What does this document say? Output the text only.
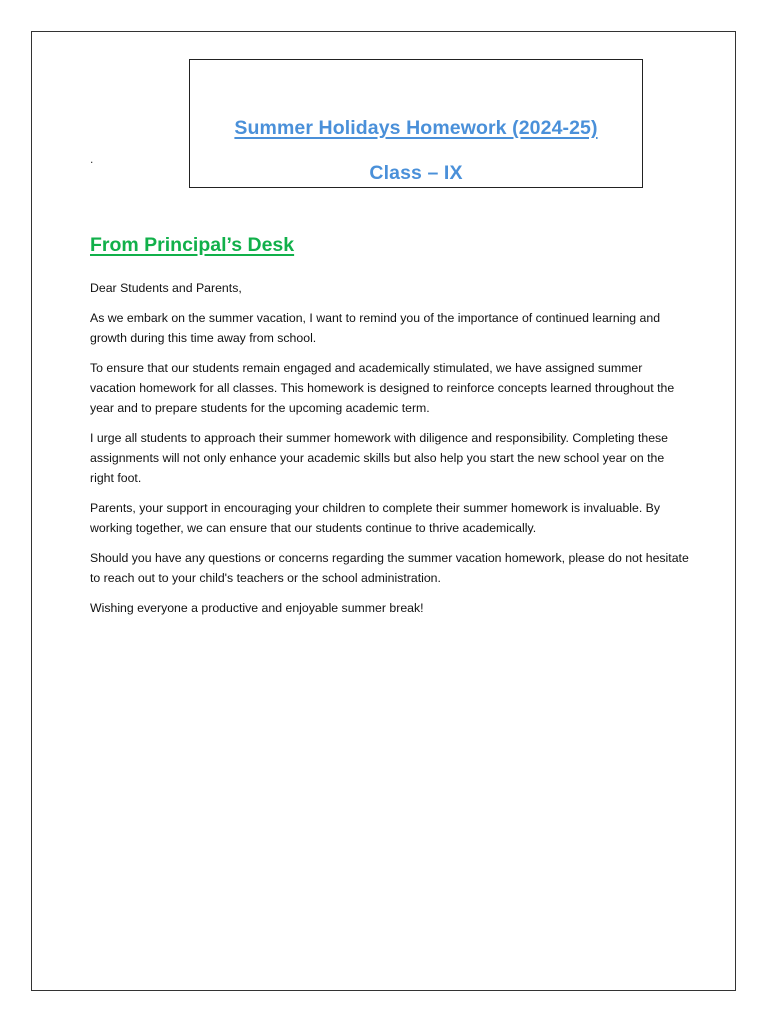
Summer Holidays Homework (2024-25)
Class – IX
.
From Principal’s Desk

Dear Students and Parents,

As we embark on the summer vacation, I want to remind you of the importance of continued learning and growth during this time away from school.

To ensure that our students remain engaged and academically stimulated, we have assigned summer vacation homework for all classes. This homework is designed to reinforce concepts learned throughout the year and to prepare students for the upcoming academic term.

I urge all students to approach their summer homework with diligence and responsibility. Completing these assignments will not only enhance your academic skills but also help you start the new school year on the right foot.

Parents, your support in encouraging your children to complete their summer homework is invaluable. By working together, we can ensure that our students continue to thrive academically.

Should you have any questions or concerns regarding the summer vacation homework, please do not hesitate to reach out to your child's teachers or the school administration.

Wishing everyone a productive and enjoyable summer break!
